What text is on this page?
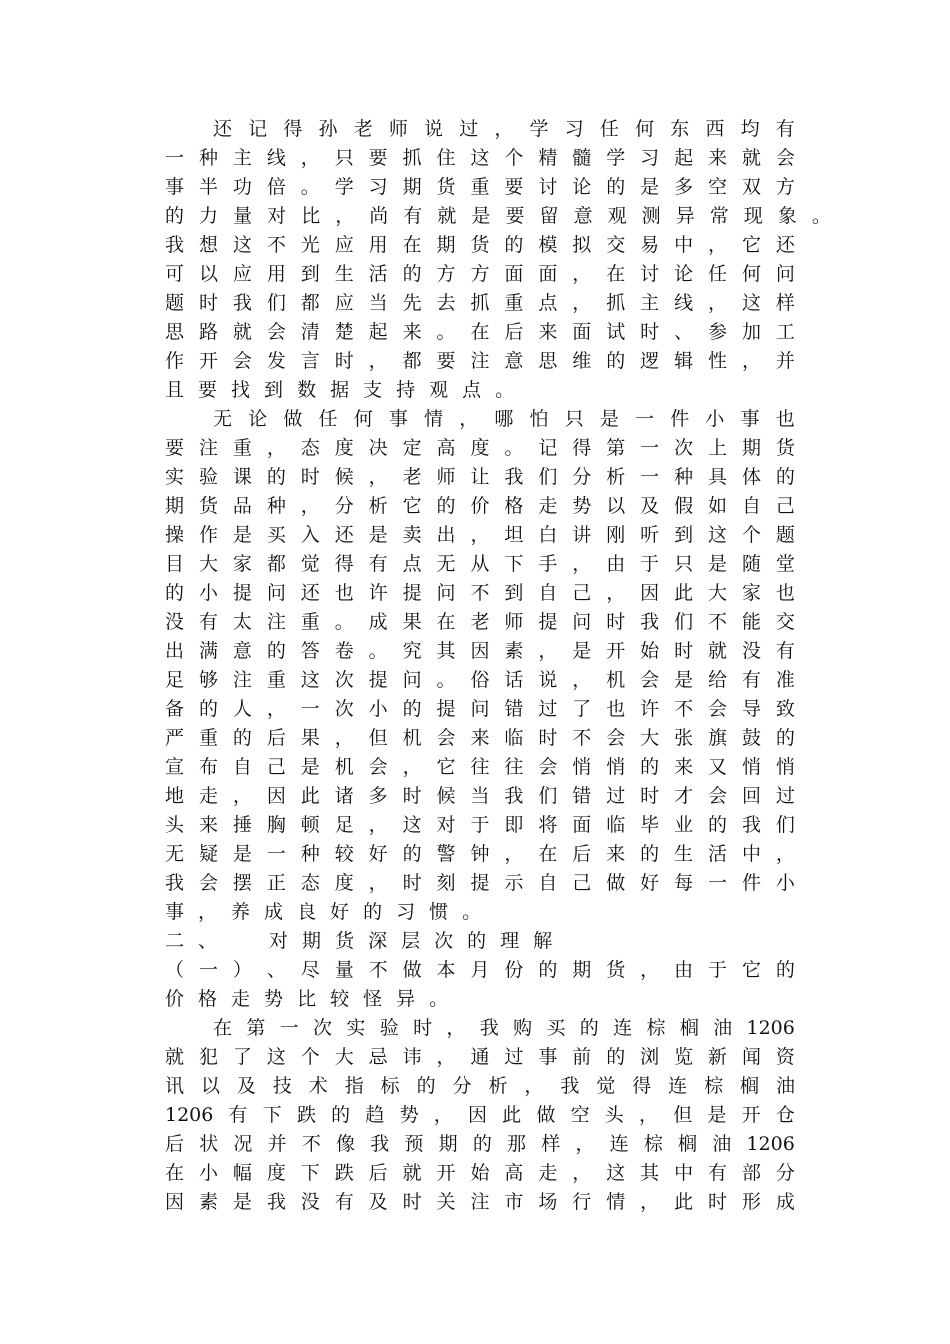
还 记 得 孙 老 师 说 过 ， 学 习 任 何 东 西 均 有
一 种 主 线 ， 只 要 抓 住 这 个 精 髓 学 习 起 来 就 会
事 半 功 倍 。 学 习 期 货 重 要 讨 论 的 是 多 空 双 方
的 力 量 对 比 ， 尚 有 就 是 要 留 意 观 测 异 常 现 象 。
我 想 这 不 光 应 用 在 期 货 的 模 拟 交 易 中 ， 它 还
可 以 应 用 到 生 活 的 方 方 面 面 ， 在 讨 论 任 何 问
题 时 我 们 都 应 当 先 去 抓 重 点 ， 抓 主 线 ， 这 样
思 路 就 会 清 楚 起 来 。 在 后 来 面 试 时 、 参 加 工
作 开 会 发 言 时 ， 都 要 注 意 思 维 的 逻 辑 性 ， 并
且 要 找 到 数 据 支 持 观 点 。
无 论 做 任 何 事 情 ， 哪 怕 只 是 一 件 小 事 也
要 注 重 ， 态 度 决 定 高 度 。 记 得 第 一 次 上 期 货
实 验 课 的 时 候 ， 老 师 让 我 们 分 析 一 种 具 体 的
期 货 品 种 ， 分 析 它 的 价 格 走 势 以 及 假 如 自 己
操 作 是 买 入 还 是 卖 出 ， 坦 白 讲 刚 听 到 这 个 题
目 大 家 都 觉 得 有 点 无 从 下 手 ， 由 于 只 是 随 堂
的 小 提 问 还 也 许 提 问 不 到 自 己 ， 因 此 大 家 也
没 有 太 注 重 。 成 果 在 老 师 提 问 时 我 们 不 能 交
出 满 意 的 答 卷 。 究 其 因 素 ， 是 开 始 时 就 没 有
足 够 注 重 这 次 提 问 。 俗 话 说 ， 机 会 是 给 有 准
备 的 人 ， 一 次 小 的 提 问 错 过 了 也 许 不 会 导 致
严 重 的 后 果 ， 但 机 会 来 临 时 不 会 大 张 旗 鼓 的
宣 布 自 己 是 机 会 ， 它 往 往 会 悄 悄 的 来 又 悄 悄
地 走 ， 因 此 诸 多 时 候 当 我 们 错 过 时 才 会 回 过
头 来 捶 胸 顿 足 ， 这 对 于 即 将 面 临 毕 业 的 我 们
无 疑 是 一 种 较 好 的 警 钟 ， 在 后 来 的 生 活 中 ，
我 会 摆 正 态 度 ， 时 刻 提 示 自 己 做 好 每 一 件 小
事 ， 养 成 良 好 的 习 惯 。
二 、	对 期 货 深 层 次 的 理 解
（ 一 ） 、 尽 量 不 做 本 月 份 的 期 货 ， 由 于 它 的
价 格 走 势 比 较 怪 异 。
在 第 一 次 实 验 时 ， 我 购 买 的 连 棕 榈 油 1206
就 犯 了 这 个 大 忌 讳 ， 通 过 事 前 的 浏 览 新 闻 资
讯 以 及 技 术 指 标 的 分 析 ， 我 觉 得 连 棕 榈 油
1206 有 下 跌 的 趋 势 ， 因 此 做 空 头 ， 但 是 开 仓
后 状 况 并 不 像 我 预 期 的 那 样 ， 连 棕 榈 油 1206
在 小 幅 度 下 跌 后 就 开 始 高 走 ， 这 其 中 有 部 分
因 素 是 我 没 有 及 时 关 注 市 场 行 情 ， 此 时 形 成
